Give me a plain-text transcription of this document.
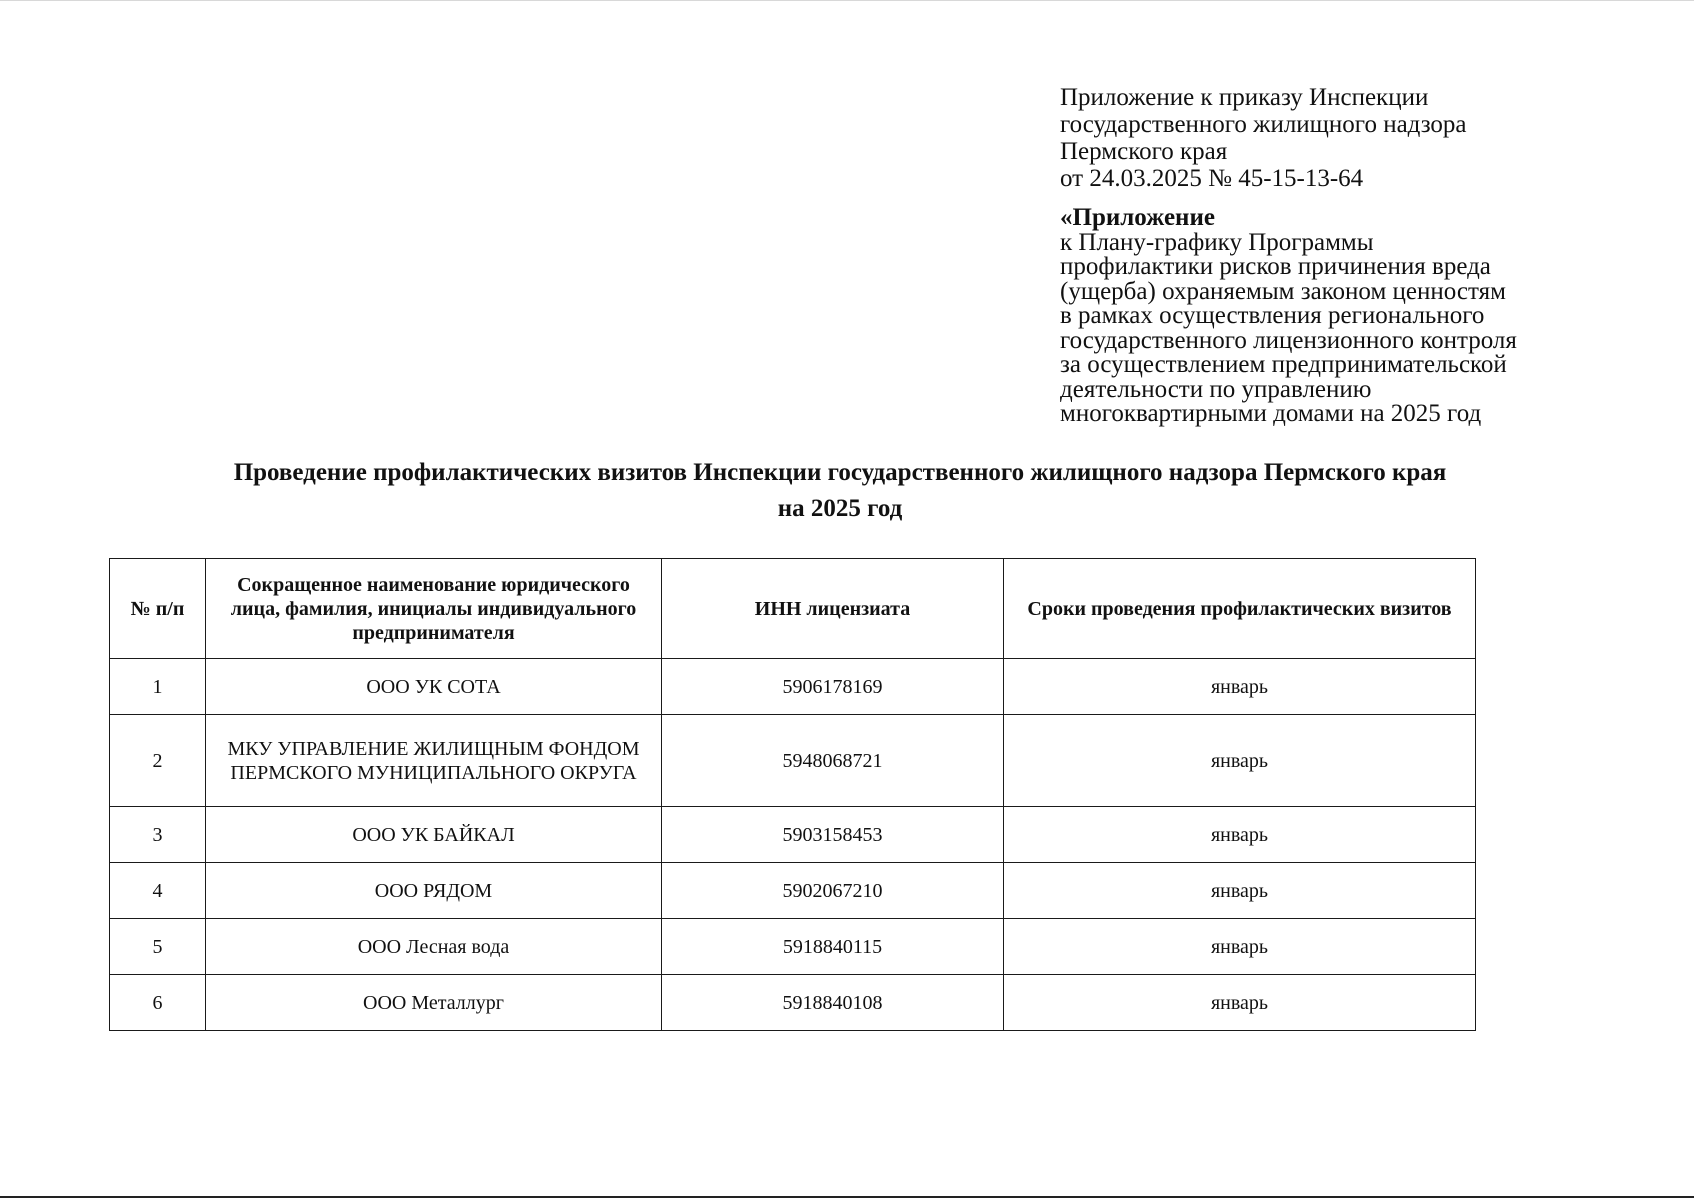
Приложение к приказу Инспекции
государственного жилищного надзора
Пермского края
от 24.03.2025 № 45-15-13-64
«Приложение
к Плану-графику Программы
профилактики рисков причинения вреда
(ущерба) охраняемым законом ценностям
в рамках осуществления регионального
государственного лицензионного контроля
за осуществлением предпринимательской
деятельности по управлению
многоквартирными домами на 2025 год
Проведение профилактических визитов Инспекции государственного жилищного надзора Пермского края
на 2025 год
№ п/п	Сокращенное наименование юридического лица, фамилия, инициалы индивидуального предпринимателя	ИНН лицензиата	Сроки проведения профилактических визитов
1	ООО УК СОТА	5906178169	январь
2	МКУ УПРАВЛЕНИЕ ЖИЛИЩНЫМ ФОНДОМ ПЕРМСКОГО МУНИЦИПАЛЬНОГО ОКРУГА	5948068721	январь
3	ООО УК БАЙКАЛ	5903158453	январь
4	ООО РЯДОМ	5902067210	январь
5	ООО Лесная вода	5918840115	январь
6	ООО Металлург	5918840108	январь
